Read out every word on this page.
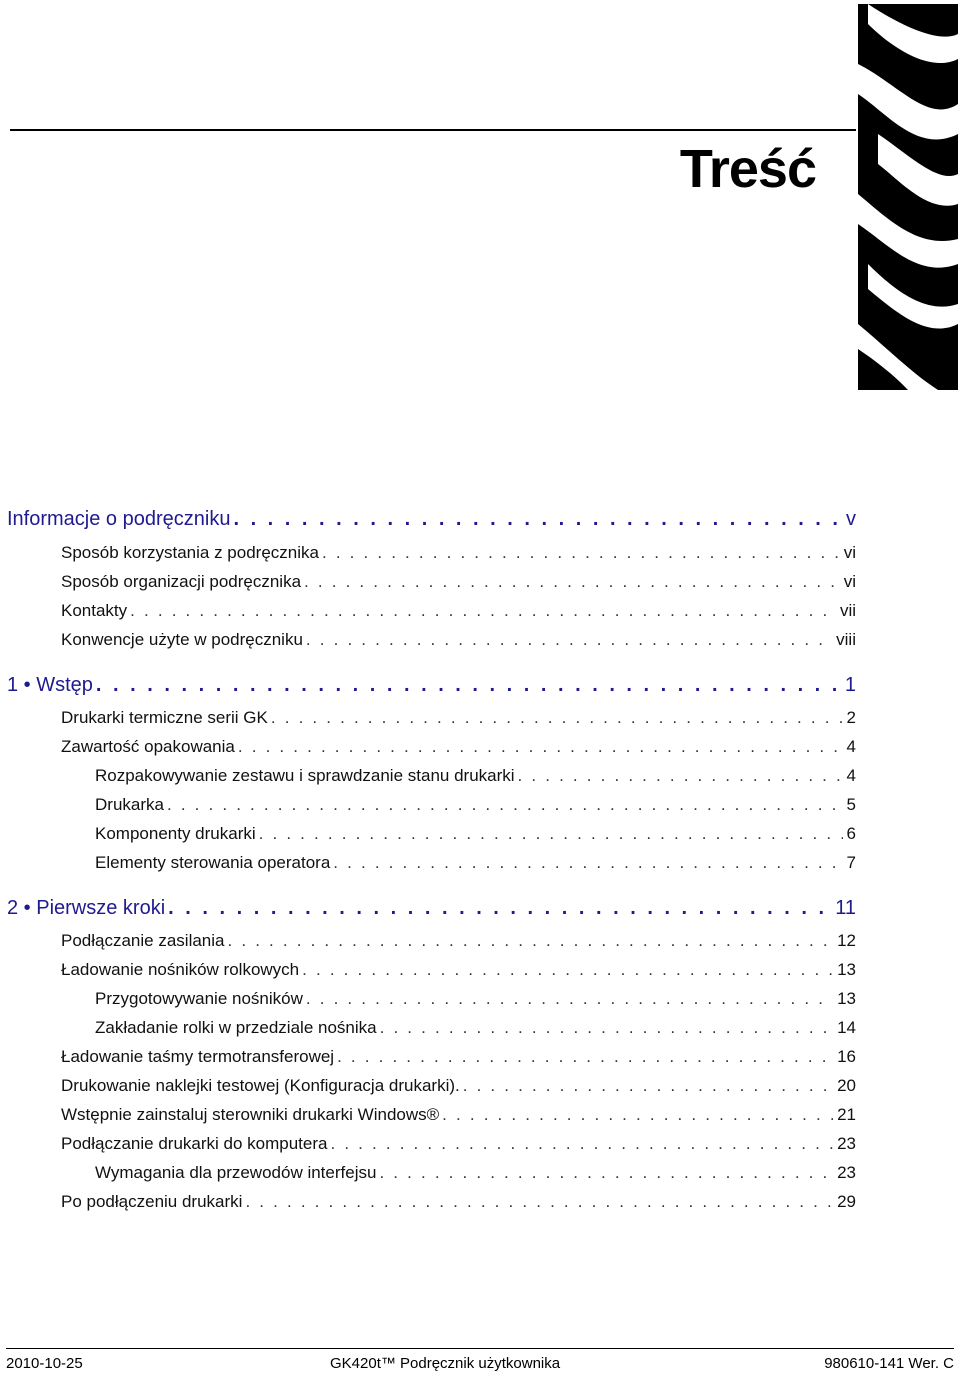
Treść
Informacje o podręczniku . . .	v
Sposób korzystania z podręcznika . . .	vi
Sposób organizacji podręcznika . . .	vi
Kontakty . . .	vii
Konwencje użyte w podręczniku . . .	viii
1 • Wstęp . . .	1
Drukarki termiczne serii GK . . .	2
Zawartość opakowania . . .	4
Rozpakowywanie zestawu i sprawdzanie stanu drukarki . . .	4
Drukarka . . .	5
Komponenty drukarki . . .	6
Elementy sterowania operatora . . .	7
2 • Pierwsze kroki . . .	11
Podłączanie zasilania . . .	12
Ładowanie nośników rolkowych . . .	13
Przygotowywanie nośników . . .	13
Zakładanie rolki w przedziale nośnika . . .	14
Ładowanie taśmy termotransferowej . . .	16
Drukowanie naklejki testowej (Konfiguracja drukarki). . . .	20
Wstępnie zainstaluj sterowniki drukarki Windows® . . .	21
Podłączanie drukarki do komputera . . .	23
Wymagania dla przewodów interfejsu . . .	23
Po podłączeniu drukarki . . .	29
2010-10-25	GK420t™ Podręcznik użytkownika	980610-141 Wer. C
